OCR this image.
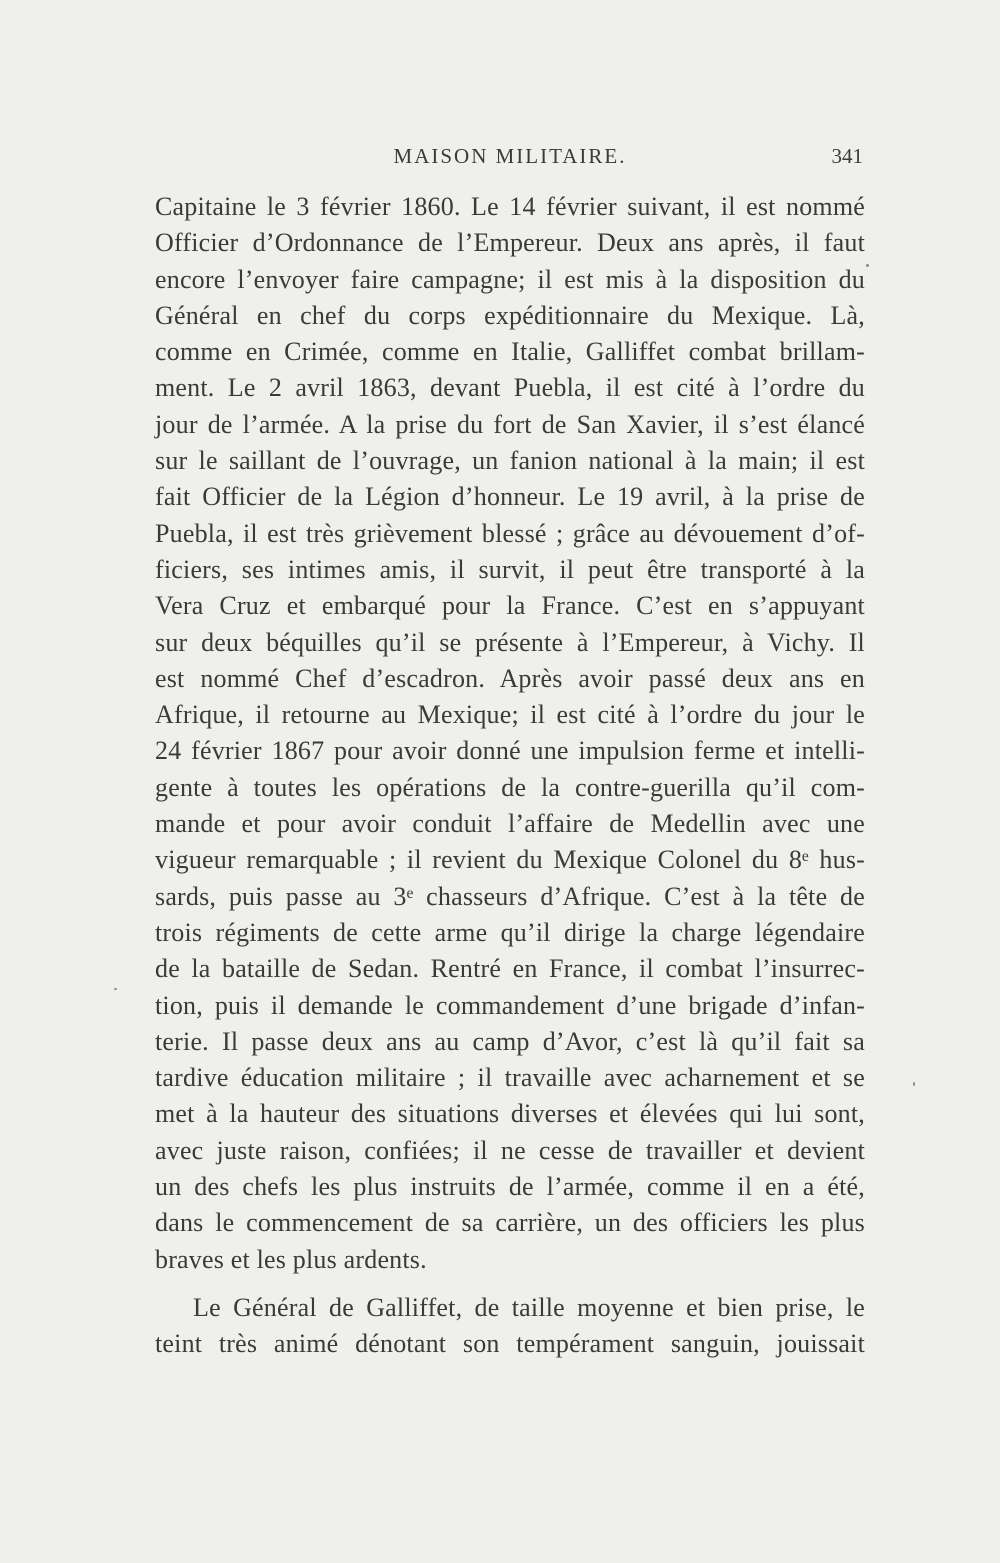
MAISON MILITAIRE.	341
Capitaine le 3 février 1860. Le 14 février suivant, il est nommé
Officier d’Ordonnance de l’Empereur. Deux ans après, il faut
encore l’envoyer faire campagne; il est mis à la disposition du
Général en chef du corps expéditionnaire du Mexique. Là,
comme en Crimée, comme en Italie, Galliffet combat brillam-
ment. Le 2 avril 1863, devant Puebla, il est cité à l’ordre du
jour de l’armée. A la prise du fort de San Xavier, il s’est élancé
sur le saillant de l’ouvrage, un fanion national à la main; il est
fait Officier de la Légion d’honneur. Le 19 avril, à la prise de
Puebla, il est très grièvement blessé ; grâce au dévouement d’of-
ficiers, ses intimes amis, il survit, il peut être transporté à la
Vera Cruz et embarqué pour la France. C’est en s’appuyant
sur deux béquilles qu’il se présente à l’Empereur, à Vichy. Il
est nommé Chef d’escadron. Après avoir passé deux ans en
Afrique, il retourne au Mexique; il est cité à l’ordre du jour le
24 février 1867 pour avoir donné une impulsion ferme et intelli-
gente à toutes les opérations de la contre-guerilla qu’il com-
mande et pour avoir conduit l’affaire de Medellin avec une
vigueur remarquable ; il revient du Mexique Colonel du 8ᵉ hus-
sards, puis passe au 3ᵉ chasseurs d’Afrique. C’est à la tête de
trois régiments de cette arme qu’il dirige la charge légendaire
de la bataille de Sedan. Rentré en France, il combat l’insurrec-
tion, puis il demande le commandement d’une brigade d’infan-
terie. Il passe deux ans au camp d’Avor, c’est là qu’il fait sa
tardive éducation militaire ; il travaille avec acharnement et se
met à la hauteur des situations diverses et élevées qui lui sont,
avec juste raison, confiées; il ne cesse de travailler et devient
un des chefs les plus instruits de l’armée, comme il en a été,
dans le commencement de sa carrière, un des officiers les plus
braves et les plus ardents.
Le Général de Galliffet, de taille moyenne et bien prise, le
teint très animé dénotant son tempérament sanguin, jouissait
